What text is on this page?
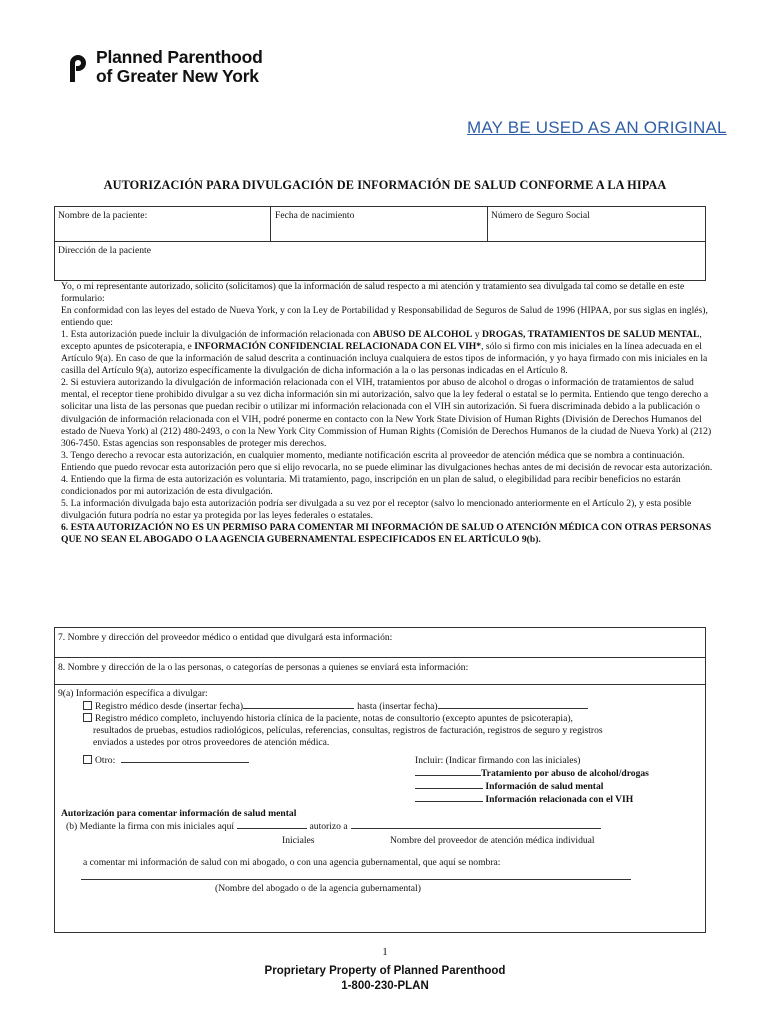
Planned Parenthood
of Greater New York
MAY BE USED AS AN ORIGINAL
AUTORIZACIÓN PARA DIVULGACIÓN DE INFORMACIÓN DE SALUD CONFORME A LA HIPAA
Nombre de la paciente:	Fecha de nacimiento	Número de Seguro Social
Dirección de la paciente

Yo, o mi representante autorizado, solicito (solicitamos) que la información de salud respecto a mi atención y tratamiento sea divulgada tal como se detalle en este formulario:

En conformidad con las leyes del estado de Nueva York, y con la Ley de Portabilidad y Responsabilidad de Seguros de Salud de 1996 (HIPAA, por sus siglas en inglés), entiendo que:

1. Esta autorización puede incluir la divulgación de información relacionada con ABUSO DE ALCOHOL y DROGAS, TRATAMIENTOS DE SALUD MENTAL, excepto apuntes de psicoterapia, e INFORMACIÓN CONFIDENCIAL RELACIONADA CON EL VIH*, sólo si firmo con mis iniciales en la línea adecuada en el Artículo 9(a). En caso de que la información de salud descrita a continuación incluya cualquiera de estos tipos de información, y yo haya firmado con mis iniciales en la casilla del Artículo 9(a), autorizo específicamente la divulgación de dicha información a la o las personas indicadas en el Artículo 8.

2. Si estuviera autorizando la divulgación de información relacionada con el VIH, tratamientos por abuso de alcohol o drogas o información de tratamientos de salud mental, el receptor tiene prohibido divulgar a su vez dicha información sin mi autorización, salvo que la ley federal o estatal se lo permita. Entiendo que tengo derecho a solicitar una lista de las personas que puedan recibir o utilizar mi información relacionada con el VIH sin autorización. Si fuera discriminada debido a la publicación o divulgación de información relacionada con el VIH, podré ponerme en contacto con la New York State Division of Human Rights (División de Derechos Humanos del estado de Nueva York) al (212) 480-2493, o con la New York City Commission of Human Rights (Comisión de Derechos Humanos de la ciudad de Nueva York) al (212) 306-7450. Estas agencias son responsables de proteger mis derechos.

3. Tengo derecho a revocar esta autorización, en cualquier momento, mediante notificación escrita al proveedor de atención médica que se nombra a continuación. Entiendo que puedo revocar esta autorización pero que si elijo revocarla, no se puede eliminar las divulgaciones hechas antes de mi decisión de revocar esta autorización.

4. Entiendo que la firma de esta autorización es voluntaria. Mi tratamiento, pago, inscripción en un plan de salud, o elegibilidad para recibir beneficios no estarán condicionados por mi autorización de esta divulgación.

5. La información divulgada bajo esta autorización podría ser divulgada a su vez por el receptor (salvo lo mencionado anteriormente en el Artículo 2), y esta posible divulgación futura podría no estar ya protegida por las leyes federales o estatales.

6. ESTA AUTORIZACIÓN NO ES UN PERMISO PARA COMENTAR MI INFORMACIÓN DE SALUD O ATENCIÓN MÉDICA CON OTRAS PERSONAS QUE NO SEAN EL ABOGADO O LA AGENCIA GUBERNAMENTAL ESPECIFICADOS EN EL ARTÍCULO 9(b).

7. Nombre y dirección del proveedor médico o entidad que divulgará esta información:
8. Nombre y dirección de la o las personas, o categorías de personas a quienes se enviará esta información:
9(a) Información específica a divulgar:
Registro médico desde (insertar fecha)	hasta (insertar fecha)
Registro médico completo, incluyendo historia clínica de la paciente, notas de consultorio (excepto apuntes de psicoterapia),
resultados de pruebas, estudios radiológicos, películas, referencias, consultas, registros de facturación, registros de seguro y registros
enviados a ustedes por otros proveedores de atención médica.
Otro:	Incluir: (Indicar firmando con las iniciales)
Tratamiento por abuso de alcohol/drogas
Información de salud mental
Información relacionada con el VIH
Autorización para comentar información de salud mental
(b) Mediante la firma con mis iniciales aquí	autorizo a
Iniciales	Nombre del proveedor de atención médica individual
a comentar mi información de salud con mi abogado, o con una agencia gubernamental, que aquí se nombra:
(Nombre del abogado o de la agencia gubernamental)
1
Proprietary Property of Planned Parenthood
1-800-230-PLAN
